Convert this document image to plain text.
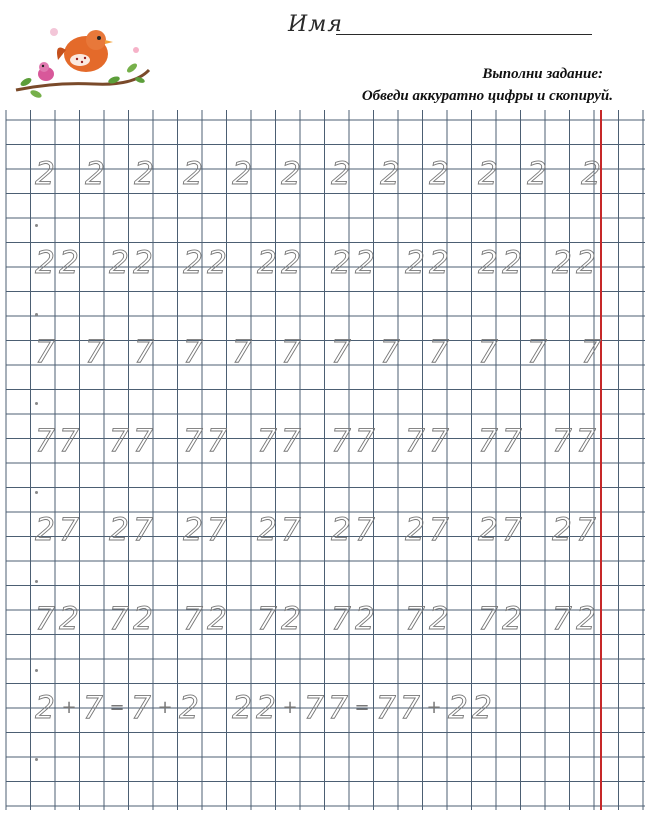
Имя
Выполни задание:
Обведи аккуратно цифры и скопируй.
2 2 2 2 2 2 2 2 2 2 2 2
2 2 2 2 2 2 2 2 2 2 2 2 2 2 2 2
7 7 7 7 7 7 7 7 7 7 7 7
7 7 7 7 7 7 7 7 7 7 7 7 7 7 7 7
2 7 2 7 2 7 2 7 2 7 2 7 2 7 2 7
7 2 7 2 7 2 7 2 7 2 7 2 7 2 7 2
2 + 7 = 7 + 2 2 2 + 7 7 = 7 7 + 2 2
